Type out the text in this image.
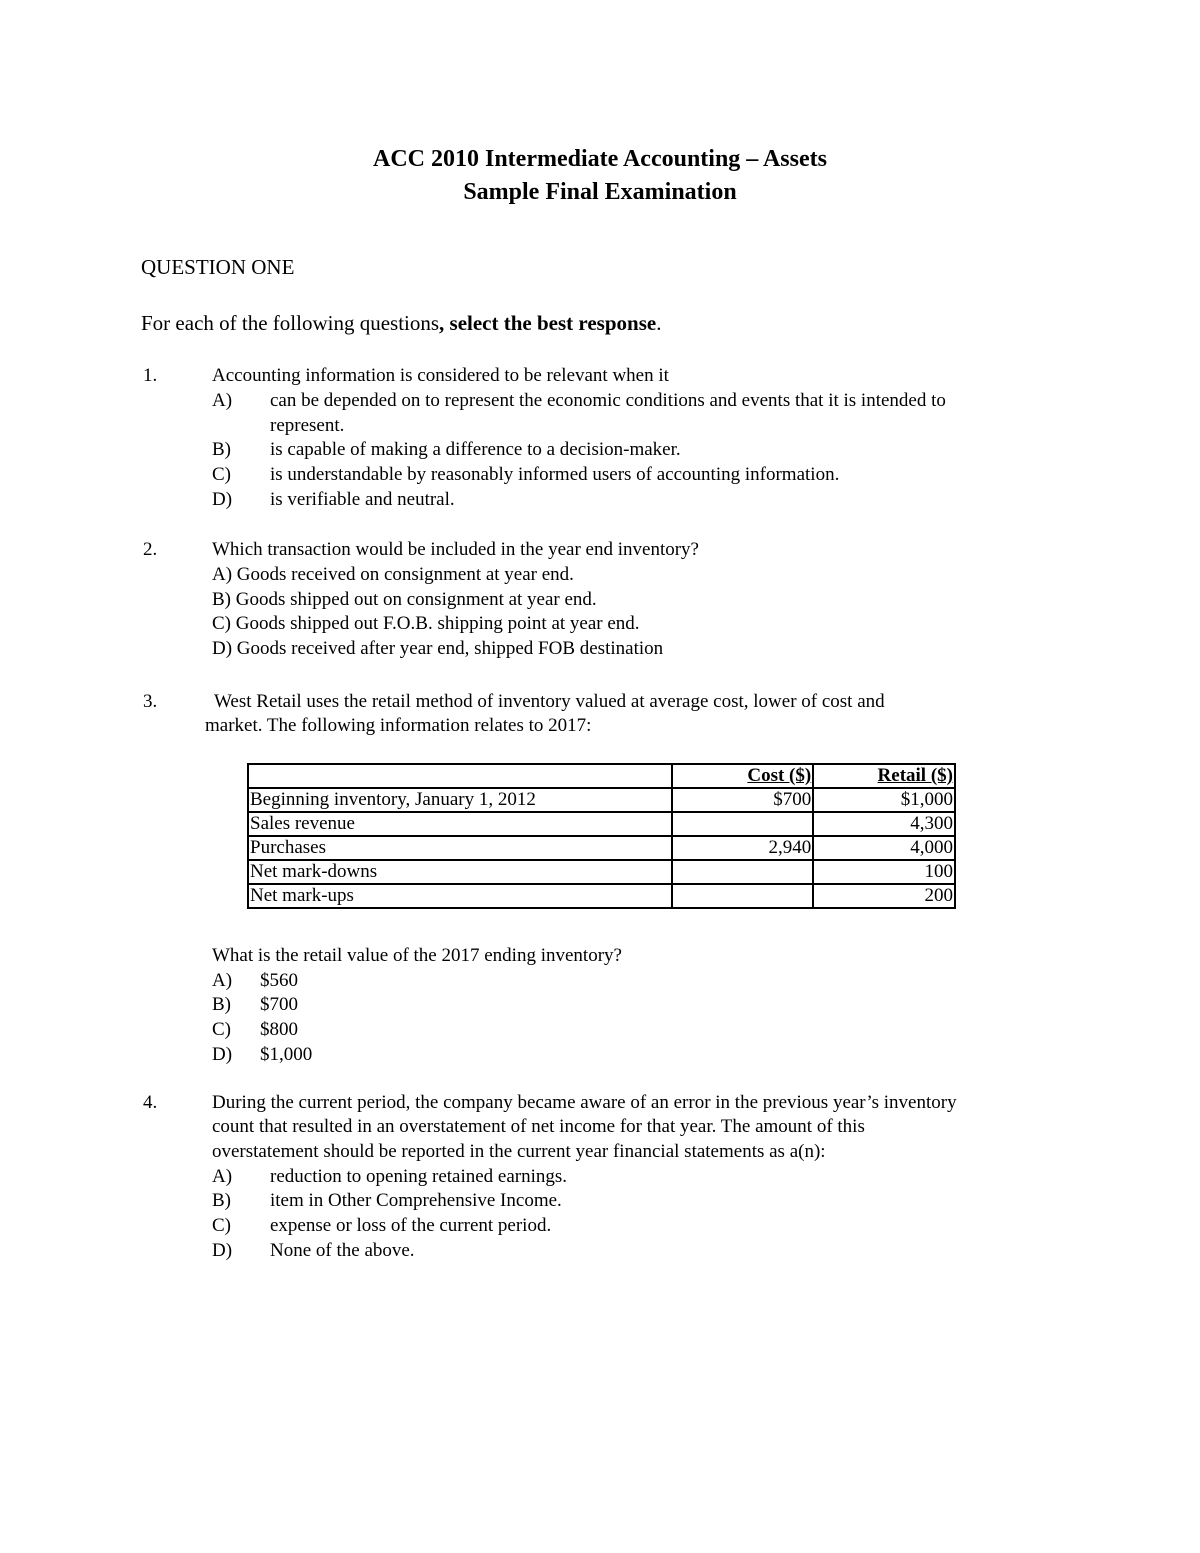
ACC 2010 Intermediate Accounting – Assets
Sample Final Examination
QUESTION ONE
For each of the following questions, select the best response.
1.	Accounting information is considered to be relevant when it
A) can be depended on to represent the economic conditions and events that it is intended to
represent.
B) is capable of making a difference to a decision-maker.
C) is understandable by reasonably informed users of accounting information.
D) is verifiable and neutral.
2.	Which transaction would be included in the year end inventory?
A) Goods received on consignment at year end.
B) Goods shipped out on consignment at year end.
C) Goods shipped out F.O.B. shipping point at year end.
D) Goods received after year end, shipped FOB destination
3.	West Retail uses the retail method of inventory valued at average cost, lower of cost and
market. The following information relates to 2017:
	Cost ($)	Retail ($)
Beginning inventory, January 1, 2012	$700	$1,000
Sales revenue		4,300
Purchases	2,940	4,000
Net mark-downs		100
Net mark-ups		200
What is the retail value of the 2017 ending inventory?
A) $560
B) $700
C) $800
D) $1,000
4.	During the current period, the company became aware of an error in the previous year’s inventory
count that resulted in an overstatement of net income for that year. The amount of this
overstatement should be reported in the current year financial statements as a(n):
A) reduction to opening retained earnings.
B) item in Other Comprehensive Income.
C) expense or loss of the current period.
D) None of the above.
